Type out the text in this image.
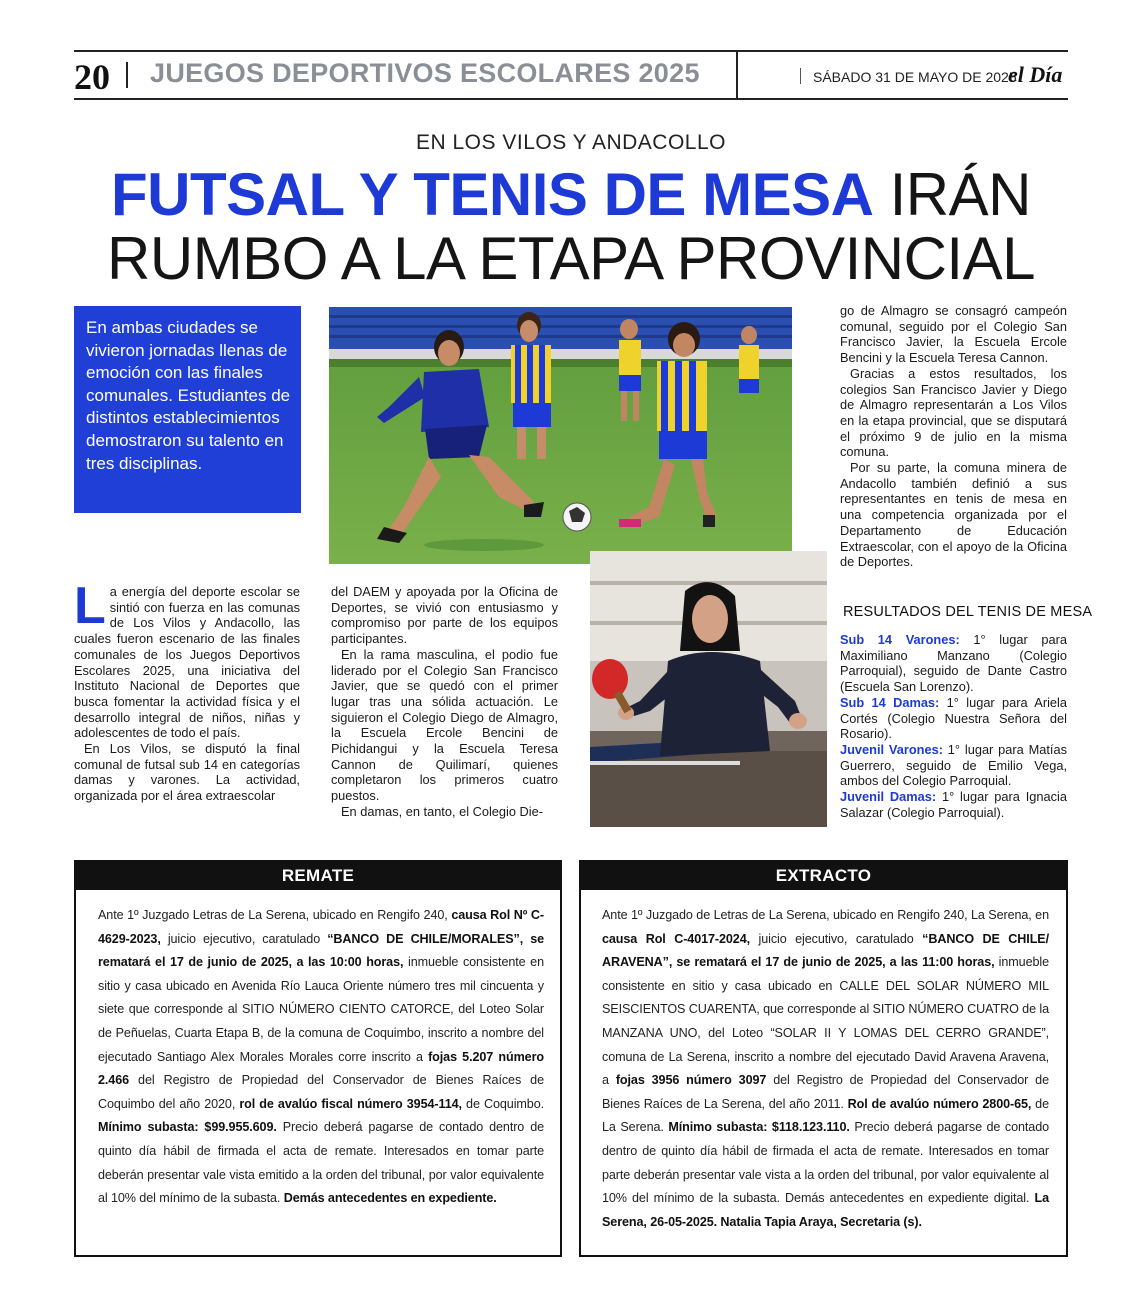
20 JUEGOS DEPORTIVOS ESCOLARES 2025	SÁBADO 31 DE MAYO DE 2025
el Día
EN LOS VILOS Y ANDACOLLO
FUTSAL Y TENIS DE MESA IRÁN
RUMBO A LA ETAPA PROVINCIAL
En ambas ciudades se vivieron jornadas llenas de emoción con las finales comunales. Estudiantes de distintos establecimientos demostraron su talento en tres disciplinas.

La energía del deporte escolar se sintió con fuerza en las comunas de Los Vilos y Andacollo, las cuales fueron escenario de las finales comunales de los Juegos Deportivos Escolares 2025, una iniciativa del Instituto Nacional de Deportes que busca fomentar la actividad física y el desarrollo integral de niños, niñas y adolescentes de todo el país.

En Los Vilos, se disputó la final comunal de futsal sub 14 en categorías damas y varones. La actividad, organizada por el área extraescolar

del DAEM y apoyada por la Oficina de Deportes, se vivió con entusiasmo y compromiso por parte de los equipos participantes.

En la rama masculina, el podio fue liderado por el Colegio San Francisco Javier, que se quedó con el primer lugar tras una sólida actuación. Le siguieron el Colegio Diego de Almagro, la Escuela Ercole Bencini de Pichidangui y la Escuela Teresa Cannon de Quilimarí, quienes completaron los primeros cuatro puestos.

En damas, en tanto, el Colegio Die-

go de Almagro se consagró campeón comunal, seguido por el Colegio San Francisco Javier, la Escuela Ercole Bencini y la Escuela Teresa Cannon.

Gracias a estos resultados, los colegios San Francisco Javier y Diego de Almagro representarán a Los Vilos en la etapa provincial, que se disputará el próximo 9 de julio en la misma comuna.

Por su parte, la comuna minera de Andacollo también definió a sus representantes en tenis de mesa en una competencia organizada por el Departamento de Educación Extraescolar, con el apoyo de la Oficina de Deportes.

RESULTADOS DEL TENIS DE MESA

Sub 14 Varones: 1° lugar para Maximiliano Manzano (Colegio Parroquial), seguido de Dante Castro (Escuela San Lorenzo).

Sub 14 Damas: 1° lugar para Ariela Cortés (Colegio Nuestra Señora del Rosario).

Juvenil Varones: 1° lugar para Matías Guerrero, seguido de Emilio Vega, ambos del Colegio Parroquial.

Juvenil Damas: 1° lugar para Ignacia Salazar (Colegio Parroquial).

REMATE
Ante 1º Juzgado Letras de La Serena, ubicado en Rengifo 240, causa Rol Nº C-4629-2023, juicio ejecutivo, caratulado “BANCO DE CHILE/MORALES”, se rematará el 17 de junio de 2025, a las 10:00 horas, inmueble consistente en sitio y casa ubicado en Avenida Río Lauca Oriente número tres mil cincuenta y siete que corresponde al SITIO NÚMERO CIENTO CATORCE, del Loteo Solar de Peñuelas, Cuarta Etapa B, de la comuna de Coquimbo, inscrito a nombre del ejecutado Santiago Alex Morales Morales corre inscrito a fojas 5.207 número 2.466 del Registro de Propiedad del Conservador de Bienes Raíces de Coquimbo del año 2020, rol de avalúo fiscal número 3954-114, de Coquimbo. Mínimo subasta: $99.955.609. Precio deberá pagarse de contado dentro de quinto día hábil de firmada el acta de remate. Interesados en tomar parte deberán presentar vale vista emitido a la orden del tribunal, por valor equivalente al 10% del mínimo de la subasta. Demás antecedentes en expediente.
EXTRACTO
Ante 1º Juzgado de Letras de La Serena, ubicado en Rengifo 240, La Serena, en causa Rol C-4017-2024, juicio ejecutivo, caratulado “BANCO DE CHILE/ ARAVENA”, se rematará el 17 de junio de 2025, a las 11:00 horas, inmueble consistente en sitio y casa ubicado en CALLE DEL SOLAR NÚMERO MIL SEISCIENTOS CUARENTA, que corresponde al SITIO NÚMERO CUATRO de la MANZANA UNO, del Loteo “SOLAR II Y LOMAS DEL CERRO GRANDE”, comuna de La Serena, inscrito a nombre del ejecutado David Aravena Aravena, a fojas 3956 número 3097 del Registro de Propiedad del Conservador de Bienes Raíces de La Serena, del año 2011. Rol de avalúo número 2800-65, de La Serena. Mínimo subasta: $118.123.110. Precio deberá pagarse de contado dentro de quinto día hábil de firmada el acta de remate. Interesados en tomar parte deberán presentar vale vista a la orden del tribunal, por valor equivalente al 10% del mínimo de la subasta. Demás antecedentes en expediente digital. La Serena, 26-05-2025. Natalia Tapia Araya, Secretaria (s).
